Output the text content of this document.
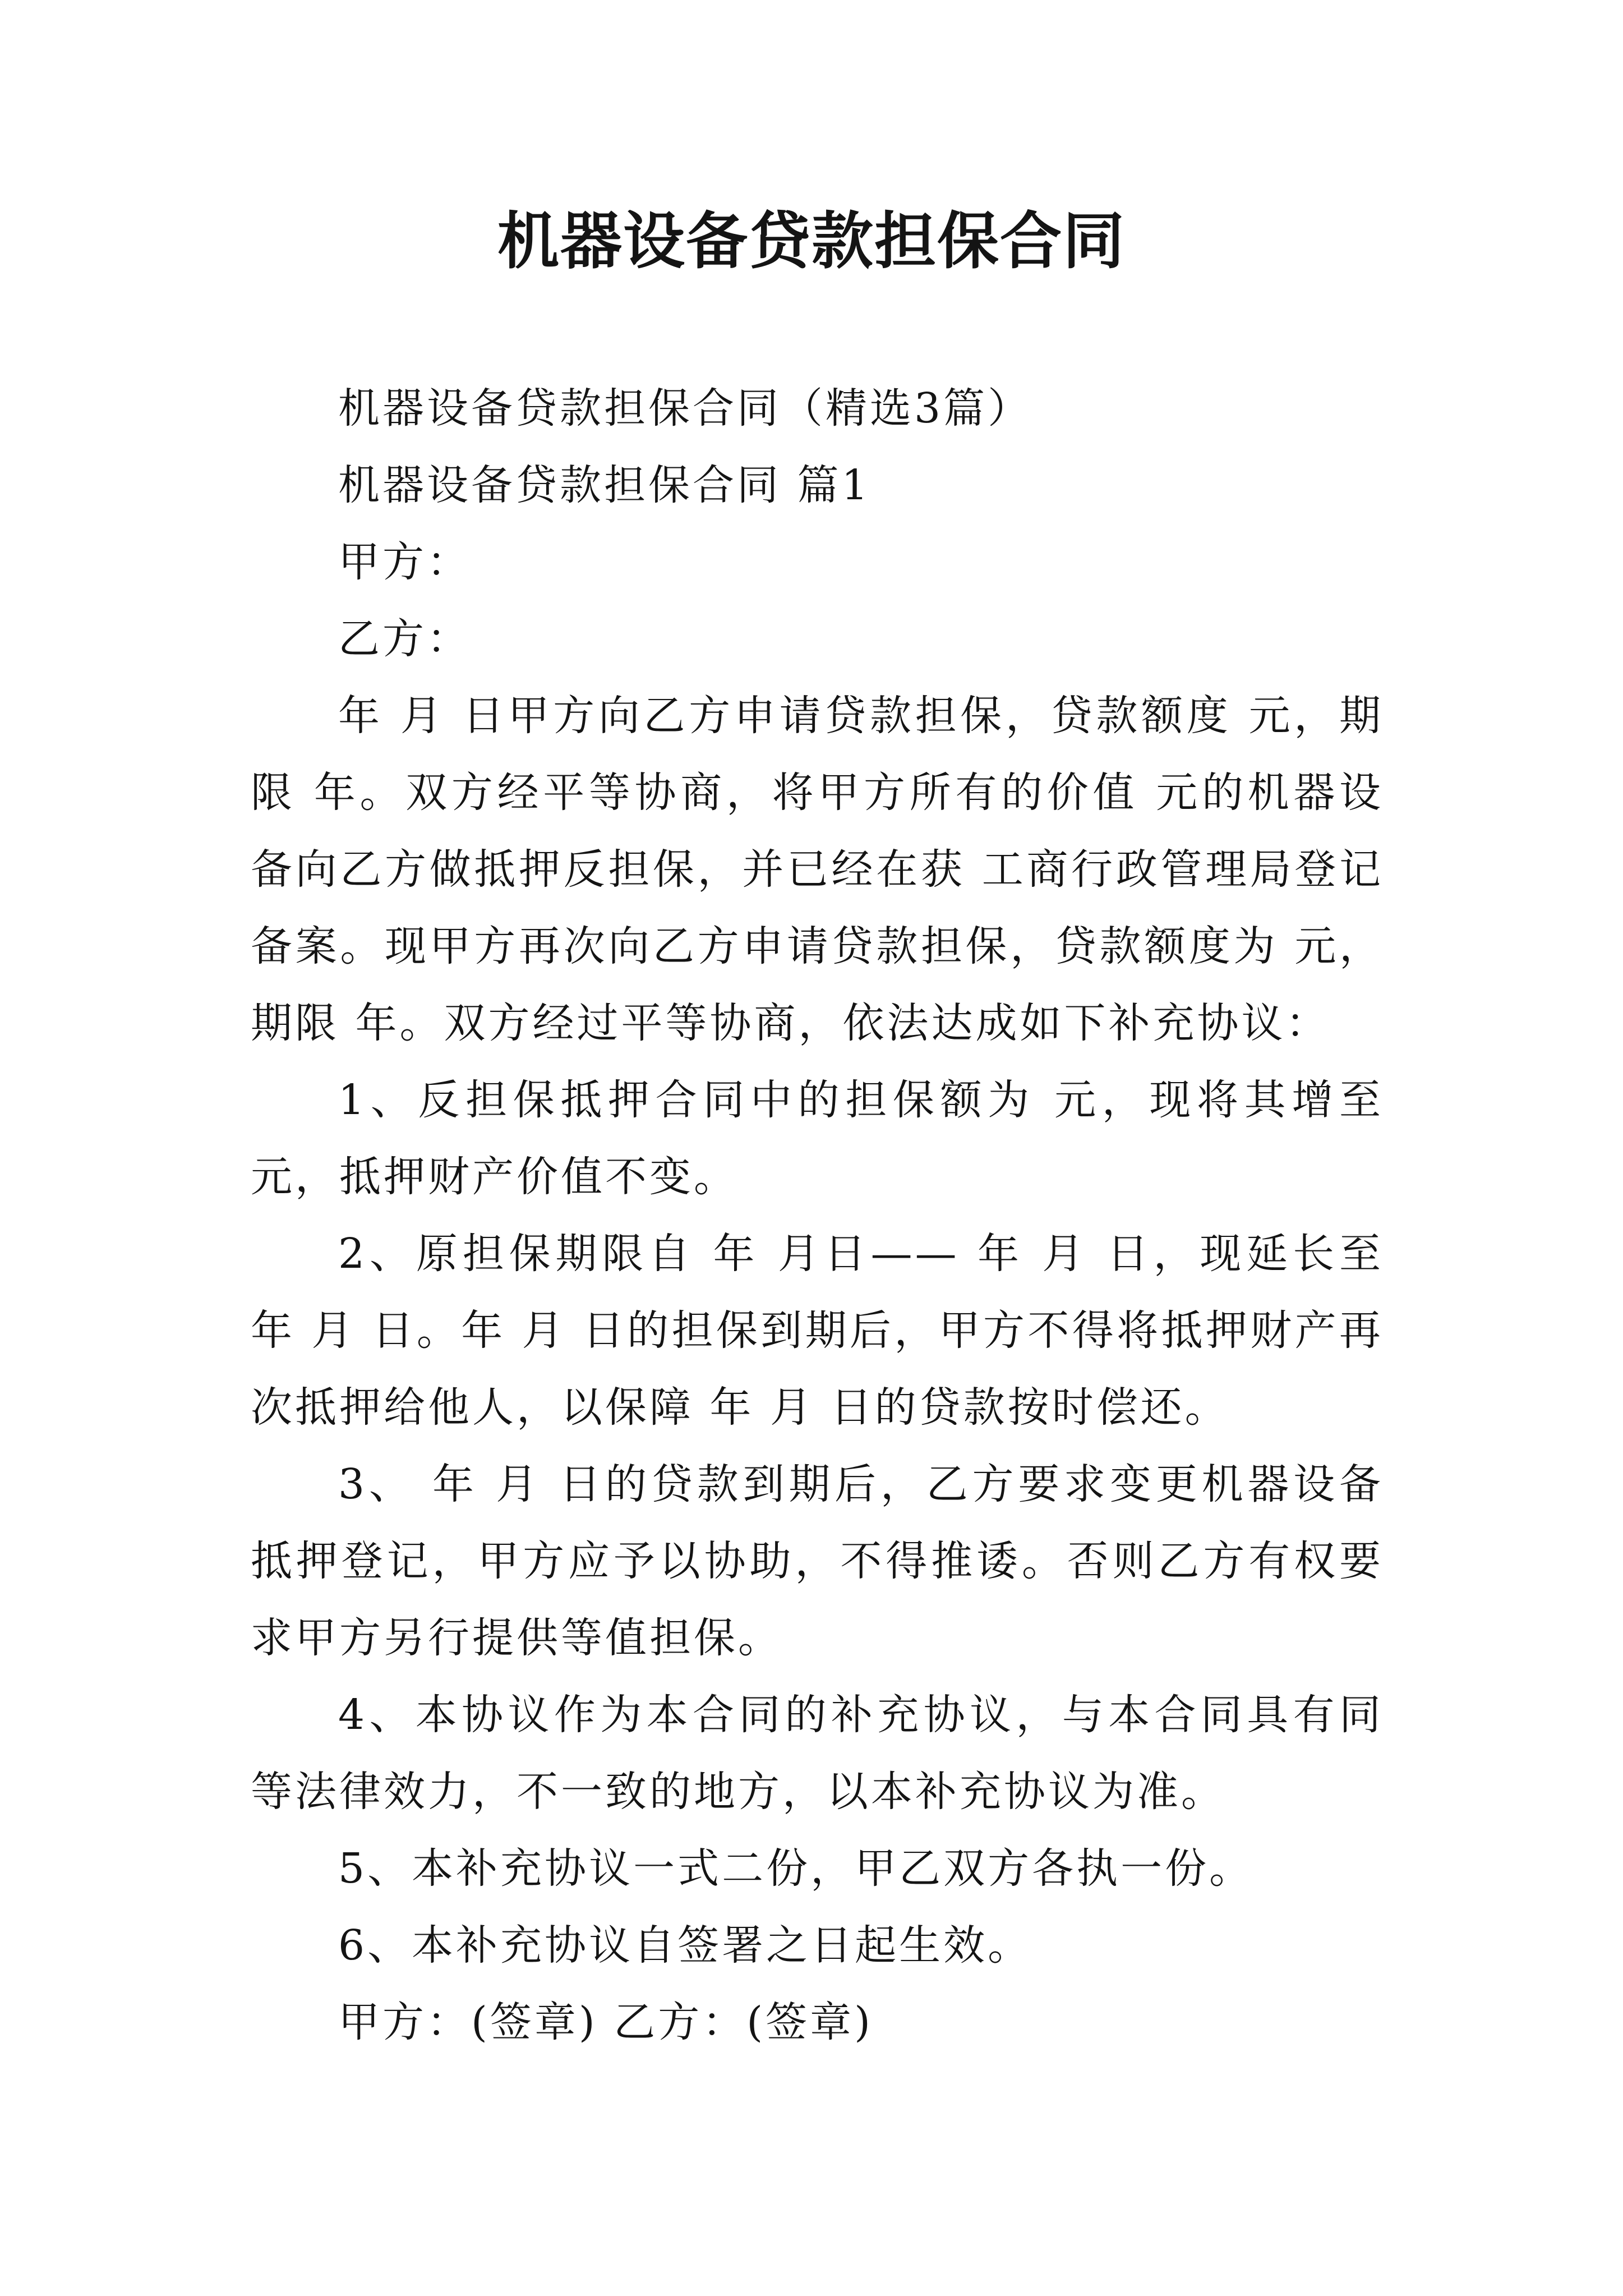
机器设备贷款担保合同

机器设备贷款担保合同（精选3篇）

机器设备贷款担保合同 篇1

甲方：

乙方：

年 月 日甲方向乙方申请贷款担保，贷款额度 元，期限 年。双方经平等协商，将甲方所有的价值 元的机器设备向乙方做抵押反担保，并已经在获 工商行政管理局登记备案。现甲方再次向乙方申请贷款担保，贷款额度为 元，期限 年。双方经过平等协商，依法达成如下补充协议：

1、反担保抵押合同中的担保额为 元，现将其增至 元，抵押财产价值不变。

2、原担保期限自 年 月日—— 年 月 日，现延长至 年 月 日。年 月 日的担保到期后，甲方不得将抵押财产再次抵押给他人，以保障 年 月 日的贷款按时偿还。

3、 年 月 日的贷款到期后，乙方要求变更机器设备抵押登记，甲方应予以协助，不得推诿。否则乙方有权要求甲方另行提供等值担保。

4、本协议作为本合同的补充协议，与本合同具有同等法律效力，不一致的地方，以本补充协议为准。

5、本补充协议一式二份，甲乙双方各执一份。

6、本补充协议自签署之日起生效。

甲方：(签章) 乙方：(签章)
